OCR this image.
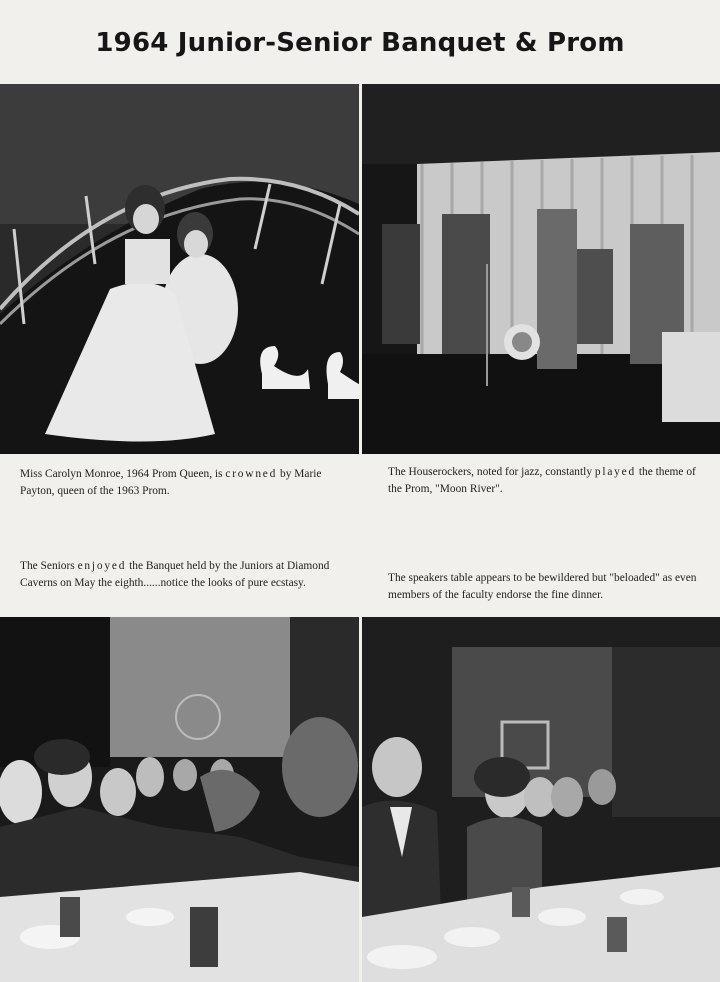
1964 Junior-Senior Banquet & Prom
Miss Carolyn Monroe, 1964 Prom Queen, is crowned by Marie Payton, queen of the 1963 Prom.
The Houserockers, noted for jazz, constantly played the theme of the Prom, "Moon River".
The Seniors enjoyed the Banquet held by the Juniors at Diamond Caverns on May the eighth......notice the looks of pure ecstasy.	The speakers table appears to be bewildered but "beloaded" as even members of the faculty endorse the fine dinner.
